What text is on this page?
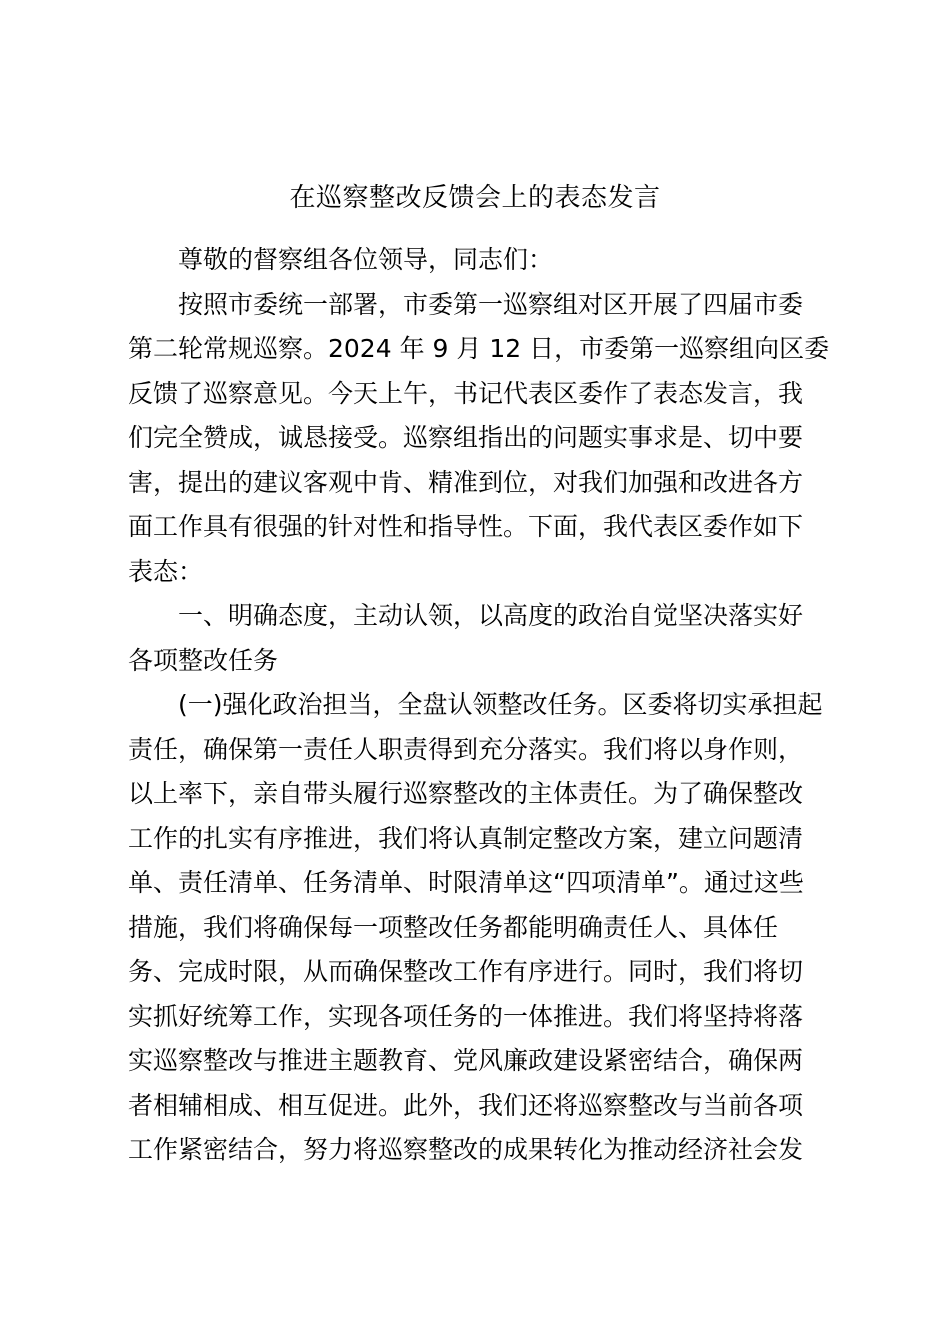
在巡察整改反馈会上的表态发言

尊敬的督察组各位领导，同志们：

按照市委统一部署，市委第一巡察组对区开展了四届市委
第二轮常规巡察。2024 年 9 月 12 日，市委第一巡察组向区委
反馈了巡察意见。今天上午，书记代表区委作了表态发言，我
们完全赞成，诚恳接受。巡察组指出的问题实事求是、切中要
害，提出的建议客观中肯、精准到位，对我们加强和改进各方
面工作具有很强的针对性和指导性。下面，我代表区委作如下
表态：

一、明确态度，主动认领，以高度的政治自觉坚决落实好
各项整改任务

(一)强化政治担当，全盘认领整改任务。区委将切实承担起
责任，确保第一责任人职责得到充分落实。我们将以身作则，
以上率下，亲自带头履行巡察整改的主体责任。为了确保整改
工作的扎实有序推进，我们将认真制定整改方案，建立问题清
单、责任清单、任务清单、时限清单这“四项清单”。通过这些
措施，我们将确保每一项整改任务都能明确责任人、具体任
务、完成时限，从而确保整改工作有序进行。同时，我们将切
实抓好统筹工作，实现各项任务的一体推进。我们将坚持将落
实巡察整改与推进主题教育、党风廉政建设紧密结合，确保两
者相辅相成、相互促进。此外，我们还将巡察整改与当前各项
工作紧密结合，努力将巡察整改的成果转化为推动经济社会发
